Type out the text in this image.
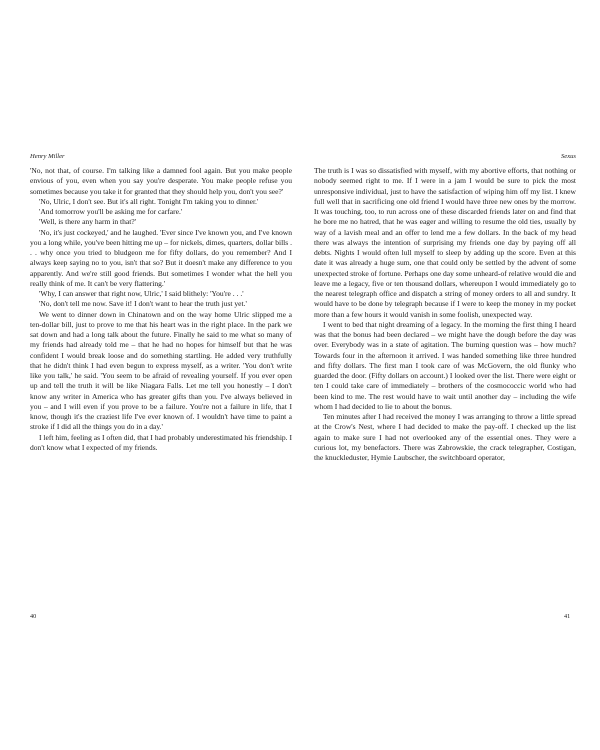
Henry Miller

'No, not that, of course. I'm talking like a damned fool again. But you make people envious of you, even when you say you're desperate. You make people refuse you sometimes because you take it for granted that they should help you, don't you see?'

'No, Ulric, I don't see. But it's all right. Tonight I'm taking you to dinner.'

'And tomorrow you'll be asking me for carfare.'

'Well, is there any harm in that?'

'No, it's just cockeyed,' and he laughed. 'Ever since I've known you, and I've known you a long while, you've been hitting me up – for nickels, dimes, quarters, dollar bills . . . why once you tried to bludgeon me for fifty dollars, do you remember? And I always keep saying no to you, isn't that so? But it doesn't make any difference to you apparently. And we're still good friends. But sometimes I wonder what the hell you really think of me. It can't be very flattering.'

'Why, I can answer that right now, Ulric,' I said blithely: 'You're . . .'

'No, don't tell me now. Save it! I don't want to hear the truth just yet.'

We went to dinner down in Chinatown and on the way home Ulric slipped me a ten-dollar bill, just to prove to me that his heart was in the right place. In the park we sat down and had a long talk about the future. Finally he said to me what so many of my friends had already told me – that he had no hopes for himself but that he was confident I would break loose and do something startling. He added very truthfully that he didn't think I had even begun to express myself, as a writer. 'You don't write like you talk,' he said. 'You seem to be afraid of revealing yourself. If you ever open up and tell the truth it will be like Niagara Falls. Let me tell you honestly – I don't know any writer in America who has greater gifts than you. I've always believed in you – and I will even if you prove to be a failure. You're not a failure in life, that I know, though it's the craziest life I've ever known of. I wouldn't have time to paint a stroke if I did all the things you do in a day.'

I left him, feeling as I often did, that I had probably underestimated his friendship. I don't know what I expected of my friends.

Sexus

The truth is I was so dissatisfied with myself, with my abortive efforts, that nothing or nobody seemed right to me. If I were in a jam I would be sure to pick the most unresponsive individual, just to have the satisfaction of wiping him off my list. I knew full well that in sacrificing one old friend I would have three new ones by the morrow. It was touching, too, to run across one of these discarded friends later on and find that he bore me no hatred, that he was eager and willing to resume the old ties, usually by way of a lavish meal and an offer to lend me a few dollars. In the back of my head there was always the intention of surprising my friends one day by paying off all debts. Nights I would often lull myself to sleep by adding up the score. Even at this date it was already a huge sum, one that could only be settled by the advent of some unexpected stroke of fortune. Perhaps one day some unheard-of relative would die and leave me a legacy, five or ten thousand dollars, whereupon I would immediately go to the nearest telegraph office and dispatch a string of money orders to all and sundry. It would have to be done by telegraph because if I were to keep the money in my pocket more than a few hours it would vanish in some foolish, unexpected way.

I went to bed that night dreaming of a legacy. In the morning the first thing I heard was that the bonus had been declared – we might have the dough before the day was over. Everybody was in a state of agitation. The burning question was – how much? Towards four in the afternoon it arrived. I was handed something like three hundred and fifty dollars. The first man I took care of was McGovern, the old flunky who guarded the door. (Fifty dollars on account.) I looked over the list. There were eight or ten I could take care of immediately – brothers of the cosmococcic world who had been kind to me. The rest would have to wait until another day – including the wife whom I had decided to lie to about the bonus.

Ten minutes after I had received the money I was arranging to throw a little spread at the Crow's Nest, where I had decided to make the pay-off. I checked up the list again to make sure I had not overlooked any of the essential ones. They were a curious lot, my benefactors. There was Zabrowskie, the crack telegrapher, Costigan, the knuckleduster, Hymie Laubscher, the switchboard operator,

40	41
